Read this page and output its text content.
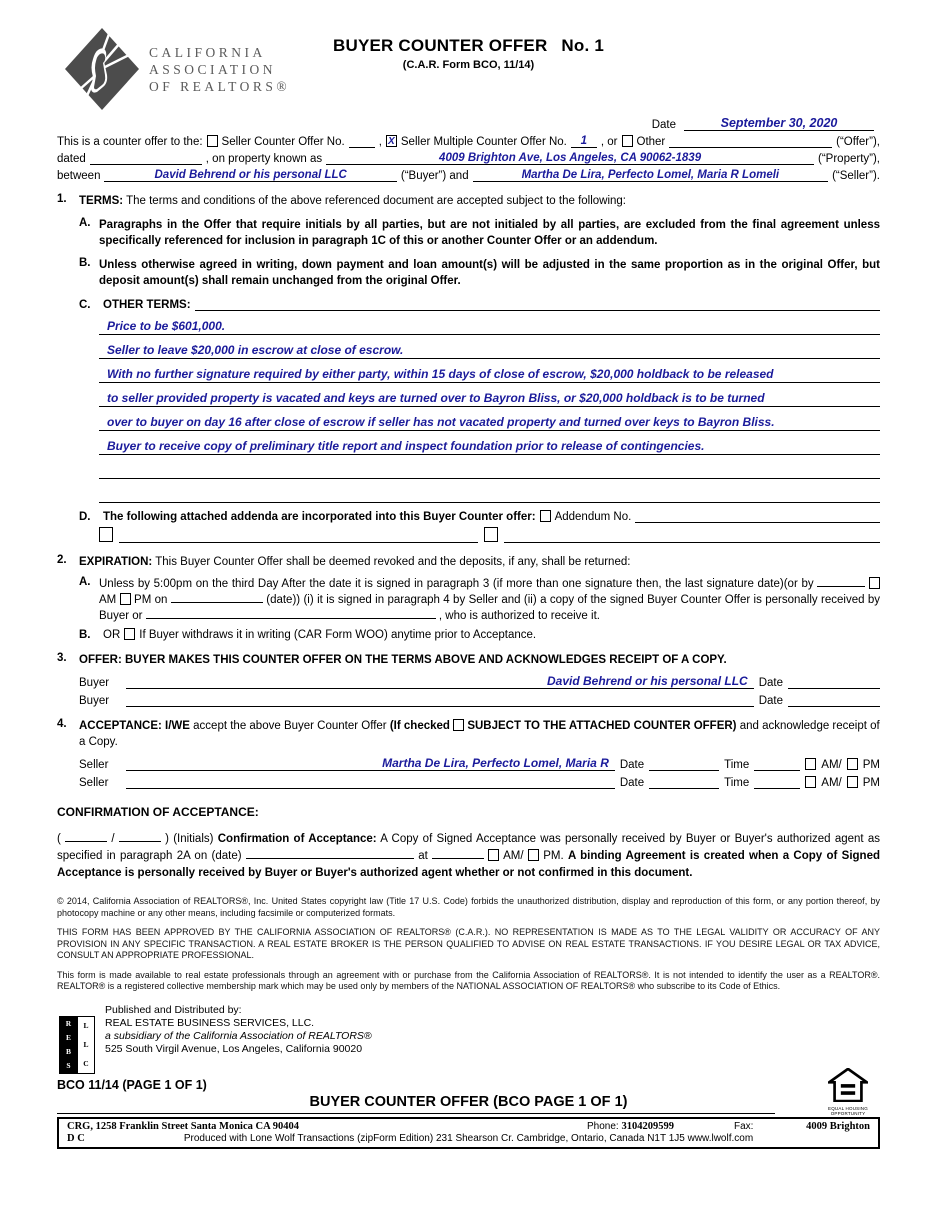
CALIFORNIA
ASSOCIATION
OF REALTORS®
BUYER COUNTER OFFER No. 1
(C.A.R. Form BCO, 11/14)
Date	September 30, 2020
This is a counter offer to the: Seller Counter Offer No.	, X Seller Multiple Counter Offer No.	1	, or Other	(“Offer”),
dated	, on property known as	4009 Brighton Ave, Los Angeles, CA 90062-1839	(“Property”),
between	David Behrend or his personal LLC	(“Buyer”) and	Martha De Lira, Perfecto Lomel, Maria R Lomeli	(“Seller”).
1.	TERMS: The terms and conditions of the above referenced document are accepted subject to the following:
A. Paragraphs in the Offer that require initials by all parties, but are not initialed by all parties, are excluded from the final agreement unless specifically referenced for inclusion in paragraph 1C of this or another Counter Offer or an addendum.
B. Unless otherwise agreed in writing, down payment and loan amount(s) will be adjusted in the same proportion as in the original Offer, but deposit amount(s) shall remain unchanged from the original Offer.
C.	OTHER TERMS:
Price to be $601,000.
Seller to leave $20,000 in escrow at close of escrow.
With no further signature required by either party, within 15 days of close of escrow, $20,000 holdback to be released
to seller provided property is vacated and keys are turned over to Bayron Bliss, or $20,000 holdback is to be turned
over to buyer on day 16 after close of escrow if seller has not vacated property and turned over keys to Bayron Bliss.
Buyer to receive copy of preliminary title report and inspect foundation prior to release of contingencies.
D.	The following attached addenda are incorporated into this Buyer Counter offer: Addendum No.
2.	EXPIRATION: This Buyer Counter Offer shall be deemed revoked and the deposits, if any, shall be returned:
A. Unless by 5:00pm on the third Day After the date it is signed in paragraph 3 (if more than one signature then, the last signature date)(or by   AM PM on	(date)) (i) it is signed in paragraph 4 by Seller and (ii) a copy of the signed Buyer Counter Offer is personally received by Buyer or	, who is authorized to receive it.
B.	OR If Buyer withdraws it in writing (CAR Form WOO) anytime prior to Acceptance.
3.	OFFER: BUYER MAKES THIS COUNTER OFFER ON THE TERMS ABOVE AND ACKNOWLEDGES RECEIPT OF A COPY.
Buyer	David Behrend or his personal LLC Date
Buyer	Date
4.	ACCEPTANCE: I/WE accept the above Buyer Counter Offer (If checked SUBJECT TO THE ATTACHED COUNTER OFFER) and acknowledge receipt of a Copy.
Seller	Martha De Lira, Perfecto Lomel, Maria R Date	Time	AM/ PM
Seller	Date	Time	AM/ PM
CONFIRMATION OF ACCEPTANCE:
(	/	) (Initials) Confirmation of Acceptance: A Copy of Signed Acceptance was personally received by Buyer or Buyer's authorized agent as specified in paragraph 2A on (date)	at	AM/ PM. A binding Agreement is created when a Copy of Signed Acceptance is personally received by Buyer or Buyer's authorized agent whether or not confirmed in this document.

© 2014, California Association of REALTORS®, Inc. United States copyright law (Title 17 U.S. Code) forbids the unauthorized distribution, display and reproduction of this form, or any portion thereof, by photocopy machine or any other means, including facsimile or computerized formats.

THIS FORM HAS BEEN APPROVED BY THE CALIFORNIA ASSOCIATION OF REALTORS® (C.A.R.). NO REPRESENTATION IS MADE AS TO THE LEGAL VALIDITY OR ACCURACY OF ANY PROVISION IN ANY SPECIFIC TRANSACTION. A REAL ESTATE BROKER IS THE PERSON QUALIFIED TO ADVISE ON REAL ESTATE TRANSACTIONS. IF YOU DESIRE LEGAL OR TAX ADVICE, CONSULT AN APPROPRIATE PROFESSIONAL.

This form is made available to real estate professionals through an agreement with or purchase from the California Association of REALTORS®. It is not intended to identify the user as a REALTOR®. REALTOR® is a registered collective membership mark which may be used only by members of the NATIONAL ASSOCIATION OF REALTORS® who subscribe to its Code of Ethics.

R
E
B
S
L
L
C
Published and Distributed by:
REAL ESTATE BUSINESS SERVICES, LLC.
a subsidiary of the California Association of REALTORS®
525 South Virgil Avenue, Los Angeles, California 90020
BCO 11/14 (PAGE 1 OF 1)
BUYER COUNTER OFFER (BCO PAGE 1 OF 1)	EQUAL HOUSING OPPORTUNITY
CRG, 1258 Franklin Street Santa Monica CA 90404	Phone: 3104209599	Fax:	4009 Brighton
D C	Produced with Lone Wolf Transactions (zipForm Edition) 231 Shearson Cr. Cambridge, Ontario, Canada N1T 1J5 www.lwolf.com
